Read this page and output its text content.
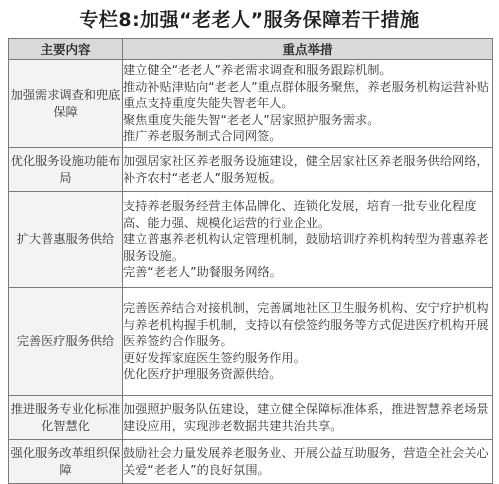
专栏8:加强“老老人”服务保障若干措施
主要内容	重点举措
加强需求调查和兜底保障	建立健全“老老人”养老需求调查和服务跟踪机制。
推动补贴津贴向“老老人”重点群体服务聚焦，养老服务机构运营补贴重点支持重度失能失智老年人。
聚焦重度失能失智“老老人”居家照护服务需求。
推广养老服务制式合同网签。

优化服务设施功能布局	加强居家社区养老服务设施建设，健全居家社区养老服务供给网络，补齐农村“老老人”服务短板。

扩大普惠服务供给	支持养老服务经营主体品牌化、连锁化发展，培育一批专业化程度高、能力强、规模化运营的行业企业。
建立普惠养老机构认定管理机制，鼓励培训疗养机构转型为普惠养老服务设施。
完善“老老人”助餐服务网络。

完善医疗服务供给	完善医养结合对接机制，完善属地社区卫生服务机构、安宁疗护机构与养老机构握手机制，支持以有偿签约服务等方式促进医疗机构开展医养签约合作服务。
更好发挥家庭医生签约服务作用。
优化医疗护理服务资源供给。

推进服务专业化标准化智慧化	加强照护服务队伍建设，建立健全保障标准体系，推进智慧养老场景建设应用，实现涉老数据共建共治共享。

强化服务改革组织保障	鼓励社会力量发展养老服务业、开展公益互助服务，营造全社会关心关爱“老老人”的良好氛围。
